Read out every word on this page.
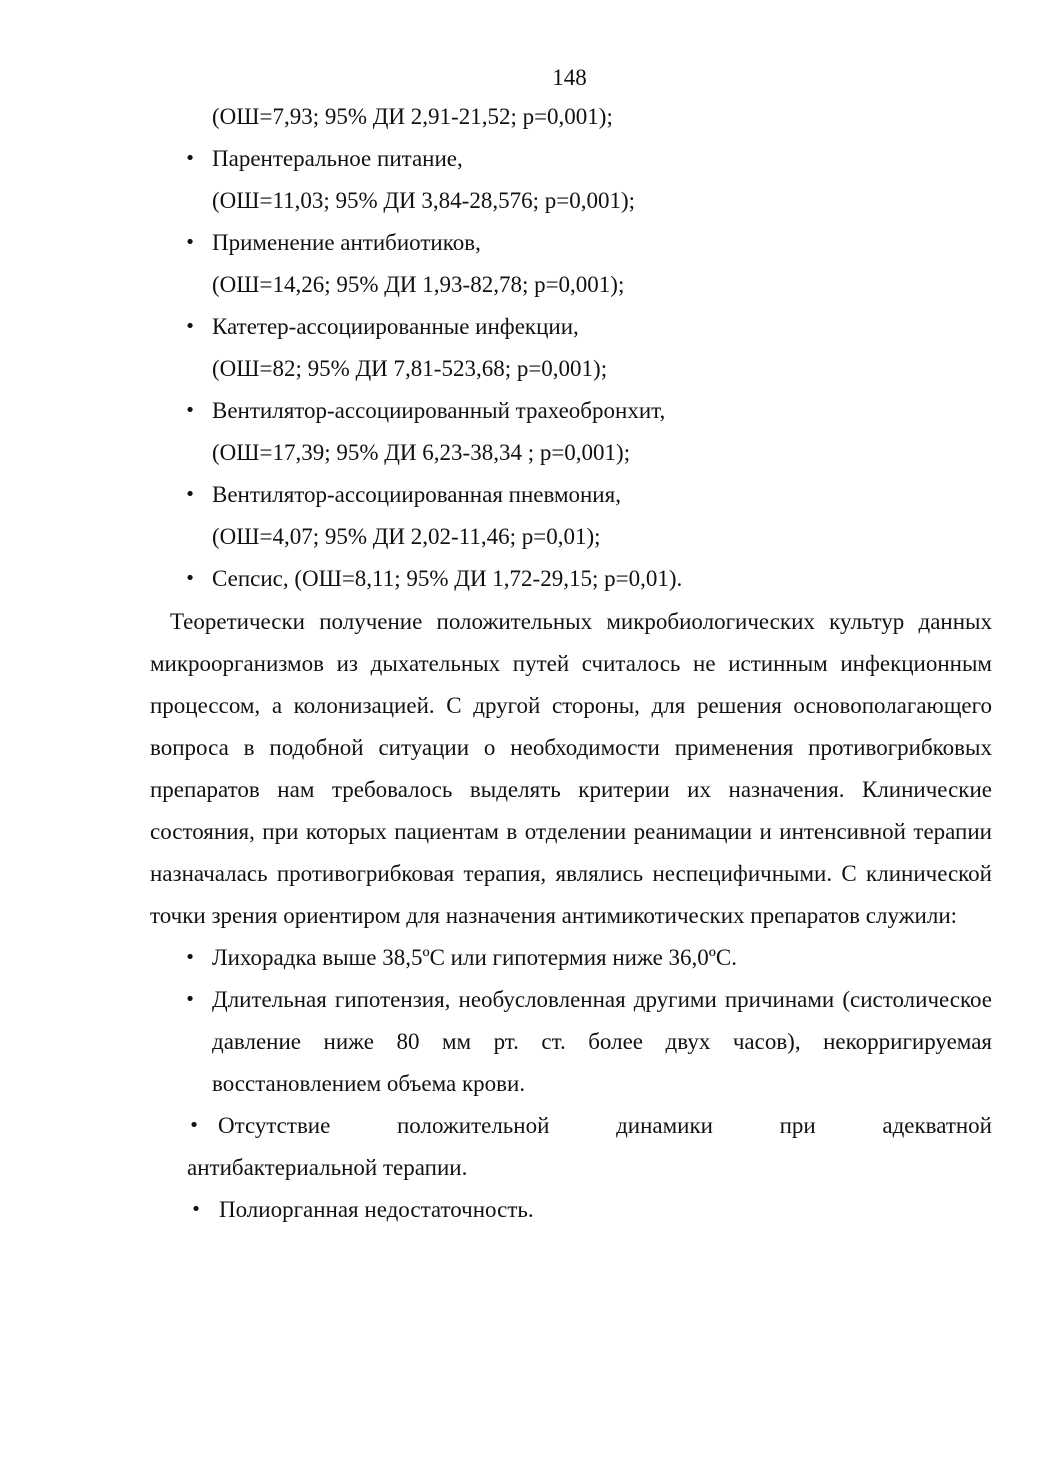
148
(ОШ=7,93; 95% ДИ 2,91-21,52; p=0,001);
• Парентеральное питание,
(ОШ=11,03; 95% ДИ 3,84-28,576; p=0,001);
• Применение антибиотиков,
(ОШ=14,26; 95% ДИ 1,93-82,78; p=0,001);
• Катетер-ассоциированные инфекции,
(ОШ=82; 95% ДИ 7,81-523,68; p=0,001);
• Вентилятор-ассоциированный трахеобронхит,
(ОШ=17,39; 95% ДИ 6,23-38,34 ; p=0,001);
• Вентилятор-ассоциированная пневмония,
(ОШ=4,07; 95% ДИ 2,02-11,46; p=0,01);
• Сепсис, (ОШ=8,11; 95% ДИ 1,72-29,15; p=0,01).
Теоретически получение положительных микробиологических культур данных микроорганизмов из дыхательных путей считалось не истинным инфекционным процессом, а колонизацией. С другой стороны, для решения основополагающего вопроса в подобной ситуации о необходимости применения противогрибковых препаратов нам требовалось выделять критерии их назначения. Клинические состояния, при которых пациентам в отделении реанимации и интенсивной терапии назначалась противогрибковая терапия, являлись неспецифичными. С клинической точки зрения ориентиром для назначения антимикотических препаратов служили:
• Лихорадка выше 38,5ºС или гипотермия ниже 36,0ºС.
• Длительная гипотензия, необусловленная другими причинами (систолическое давление ниже 80 мм рт. ст. более двух часов), некорригируемая восстановлением объема крови.
• Отсутствие положительной динамики при адекватной
антибактериальной терапии.
• Полиорганная недостаточность.
